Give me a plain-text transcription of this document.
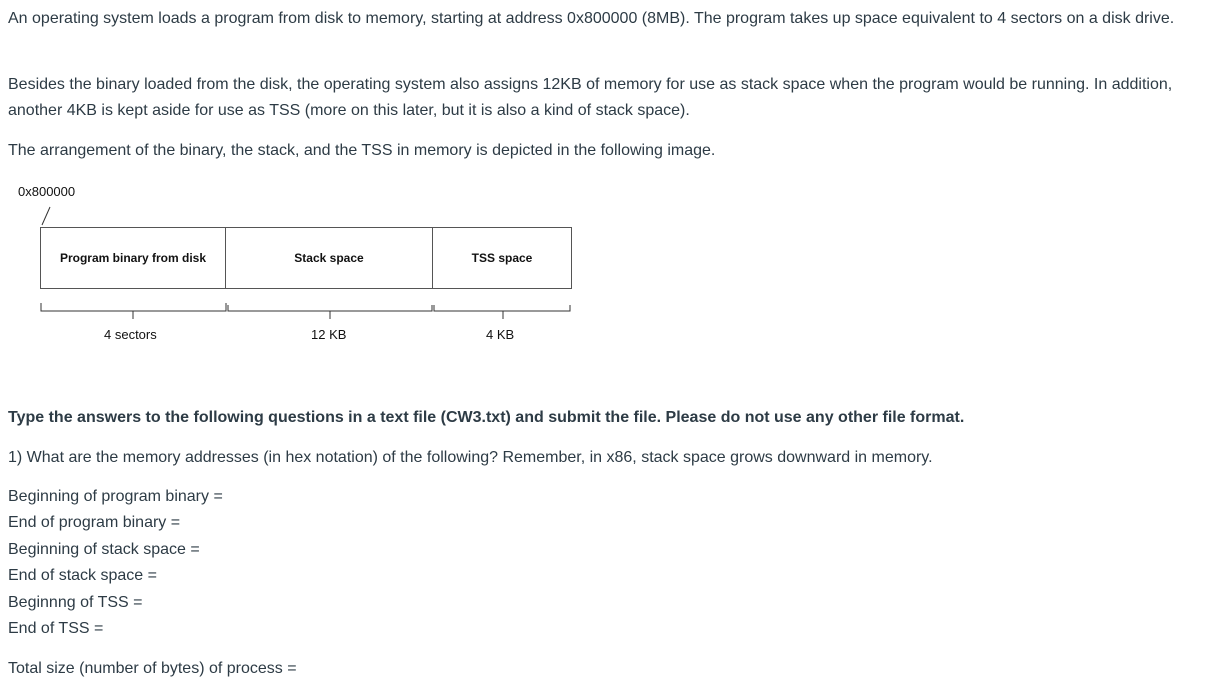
An operating system loads a program from disk to memory, starting at address 0x800000 (8MB). The program takes up space equivalent to 4 sectors on a disk drive.

Besides the binary loaded from the disk, the operating system also assigns 12KB of memory for use as stack space when the program would be running. In addition, another 4KB is kept aside for use as TSS (more on this later, but it is also a kind of stack space).

The arrangement of the binary, the stack, and the TSS in memory is depicted in the following image.

0x800000
Program binary from disk	Stack space	TSS space
4 sectors	12 KB	4 KB

Type the answers to the following questions in a text file (CW3.txt) and submit the file. Please do not use any other file format.

1) What are the memory addresses (in hex notation) of the following? Remember, in x86, stack space grows downward in memory.

Beginning of program binary =
End of program binary =
Beginning of stack space =
End of stack space =
Beginnng of TSS =
End of TSS =
Total size (number of bytes) of process =
